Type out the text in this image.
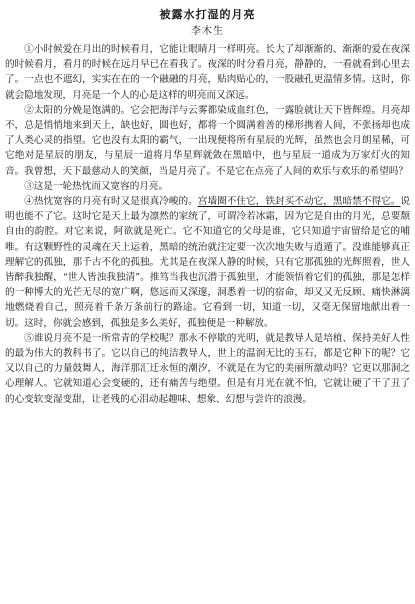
被露水打湿的月亮
李木生

①小时候爱在月出的时候看月，它能让眼睛月一样明亮。长大了却渐渐的、渐渐的爱在夜深的时候看月，看月的时候在远月早已在看我了。夜深的时分看月亮，静静的，一看就看到心里去了。一点也不遮幻，实实在在的一个融融的月亮，贴肉贴心的，一股融孔更温情多情。这时，你就会隐地发现，月亮是一个人的心是这样的明亮而又深远。

②太阳的分娩是饱满的。它会把海洋与云雾都染成血红色，一露脸就让天下皆辉煌。月亮却不，总是悄悄地来到天上，缺也好，圆也好，都将一个圆满着善的梯形携着人间，不张扬却也成了人类心灵的指望。它也没有太阳的霸气，一出现便将所有星辰的光辉，虽然也会月朗星稀，可它绝对是星辰的朋友，与星辰一道将月华星辉就敛在黑暗中，也与星辰一道成为万家灯火的知音。我曾想，天下最慈动人的笑颜，当是月亮了。不是它在点亮了人间的欢乐与欢乐的希望吗？

③这是一轮热忱而又宽容的月亮。

④热忱宽容的月亮有时又是很真冷峻的。宫墙圈不住它，铁封买不动它，黑暗禁不得它。说明也能不了它。这时它是天上最为凛然的家统了，可谓冷若冰霜，因为它是自由的月光，总要颓自由的韵腔。对它来说，阿欲就是死亡。它不知道它的父母是谁，它只知道宇宙留给是它的哺唯。有这颗野性的灵魂在天上运着，黑暗的统治就注定要一次次地失败与逍遁了。没谁能够真正理解它的孤独，那千古不化的孤独。尤其是在夜深人静的时候，只有它那孤独的光辉照着，世人皆醉我独醒，“世人皆浊我独清”。推笃当我也沉潜于孤独里，才能领悟着它们的孤独，那是怎样的一种博大的光芒无尽的宽广啊，悠远而又深邃，洞悉着一切的宿命，却又又无反顾、痛快淋漓地燃烧着自己，照亮着千条万条前行的路途。它看到一切，知道一切，又毫无保留地献出着一切。这时，你就会感到，孤独是多么美好，孤独便是一种解放。

⑤谁说月亮不是一所常青的学校呢？那永不停歇的光明，就是教导人是培植、保持美好人性的最为伟大的教科书了。它以自己的纯洁教导人，世上的温润无比的玉石，都是它种下的呢？它又以自己的力量鼓舞人，海洋那汇迁永恒的潮汐，不就是在为它的美丽所激动吗？它更以那洞之心理解人。它就知道心会变硬的，还有痛苦与绝望。但是有月光在就不怕，它就让硬了干了丑了的心变软变湿变甜，让老残的心泪动起趣味、想象、幻想与尝许的浪漫。
